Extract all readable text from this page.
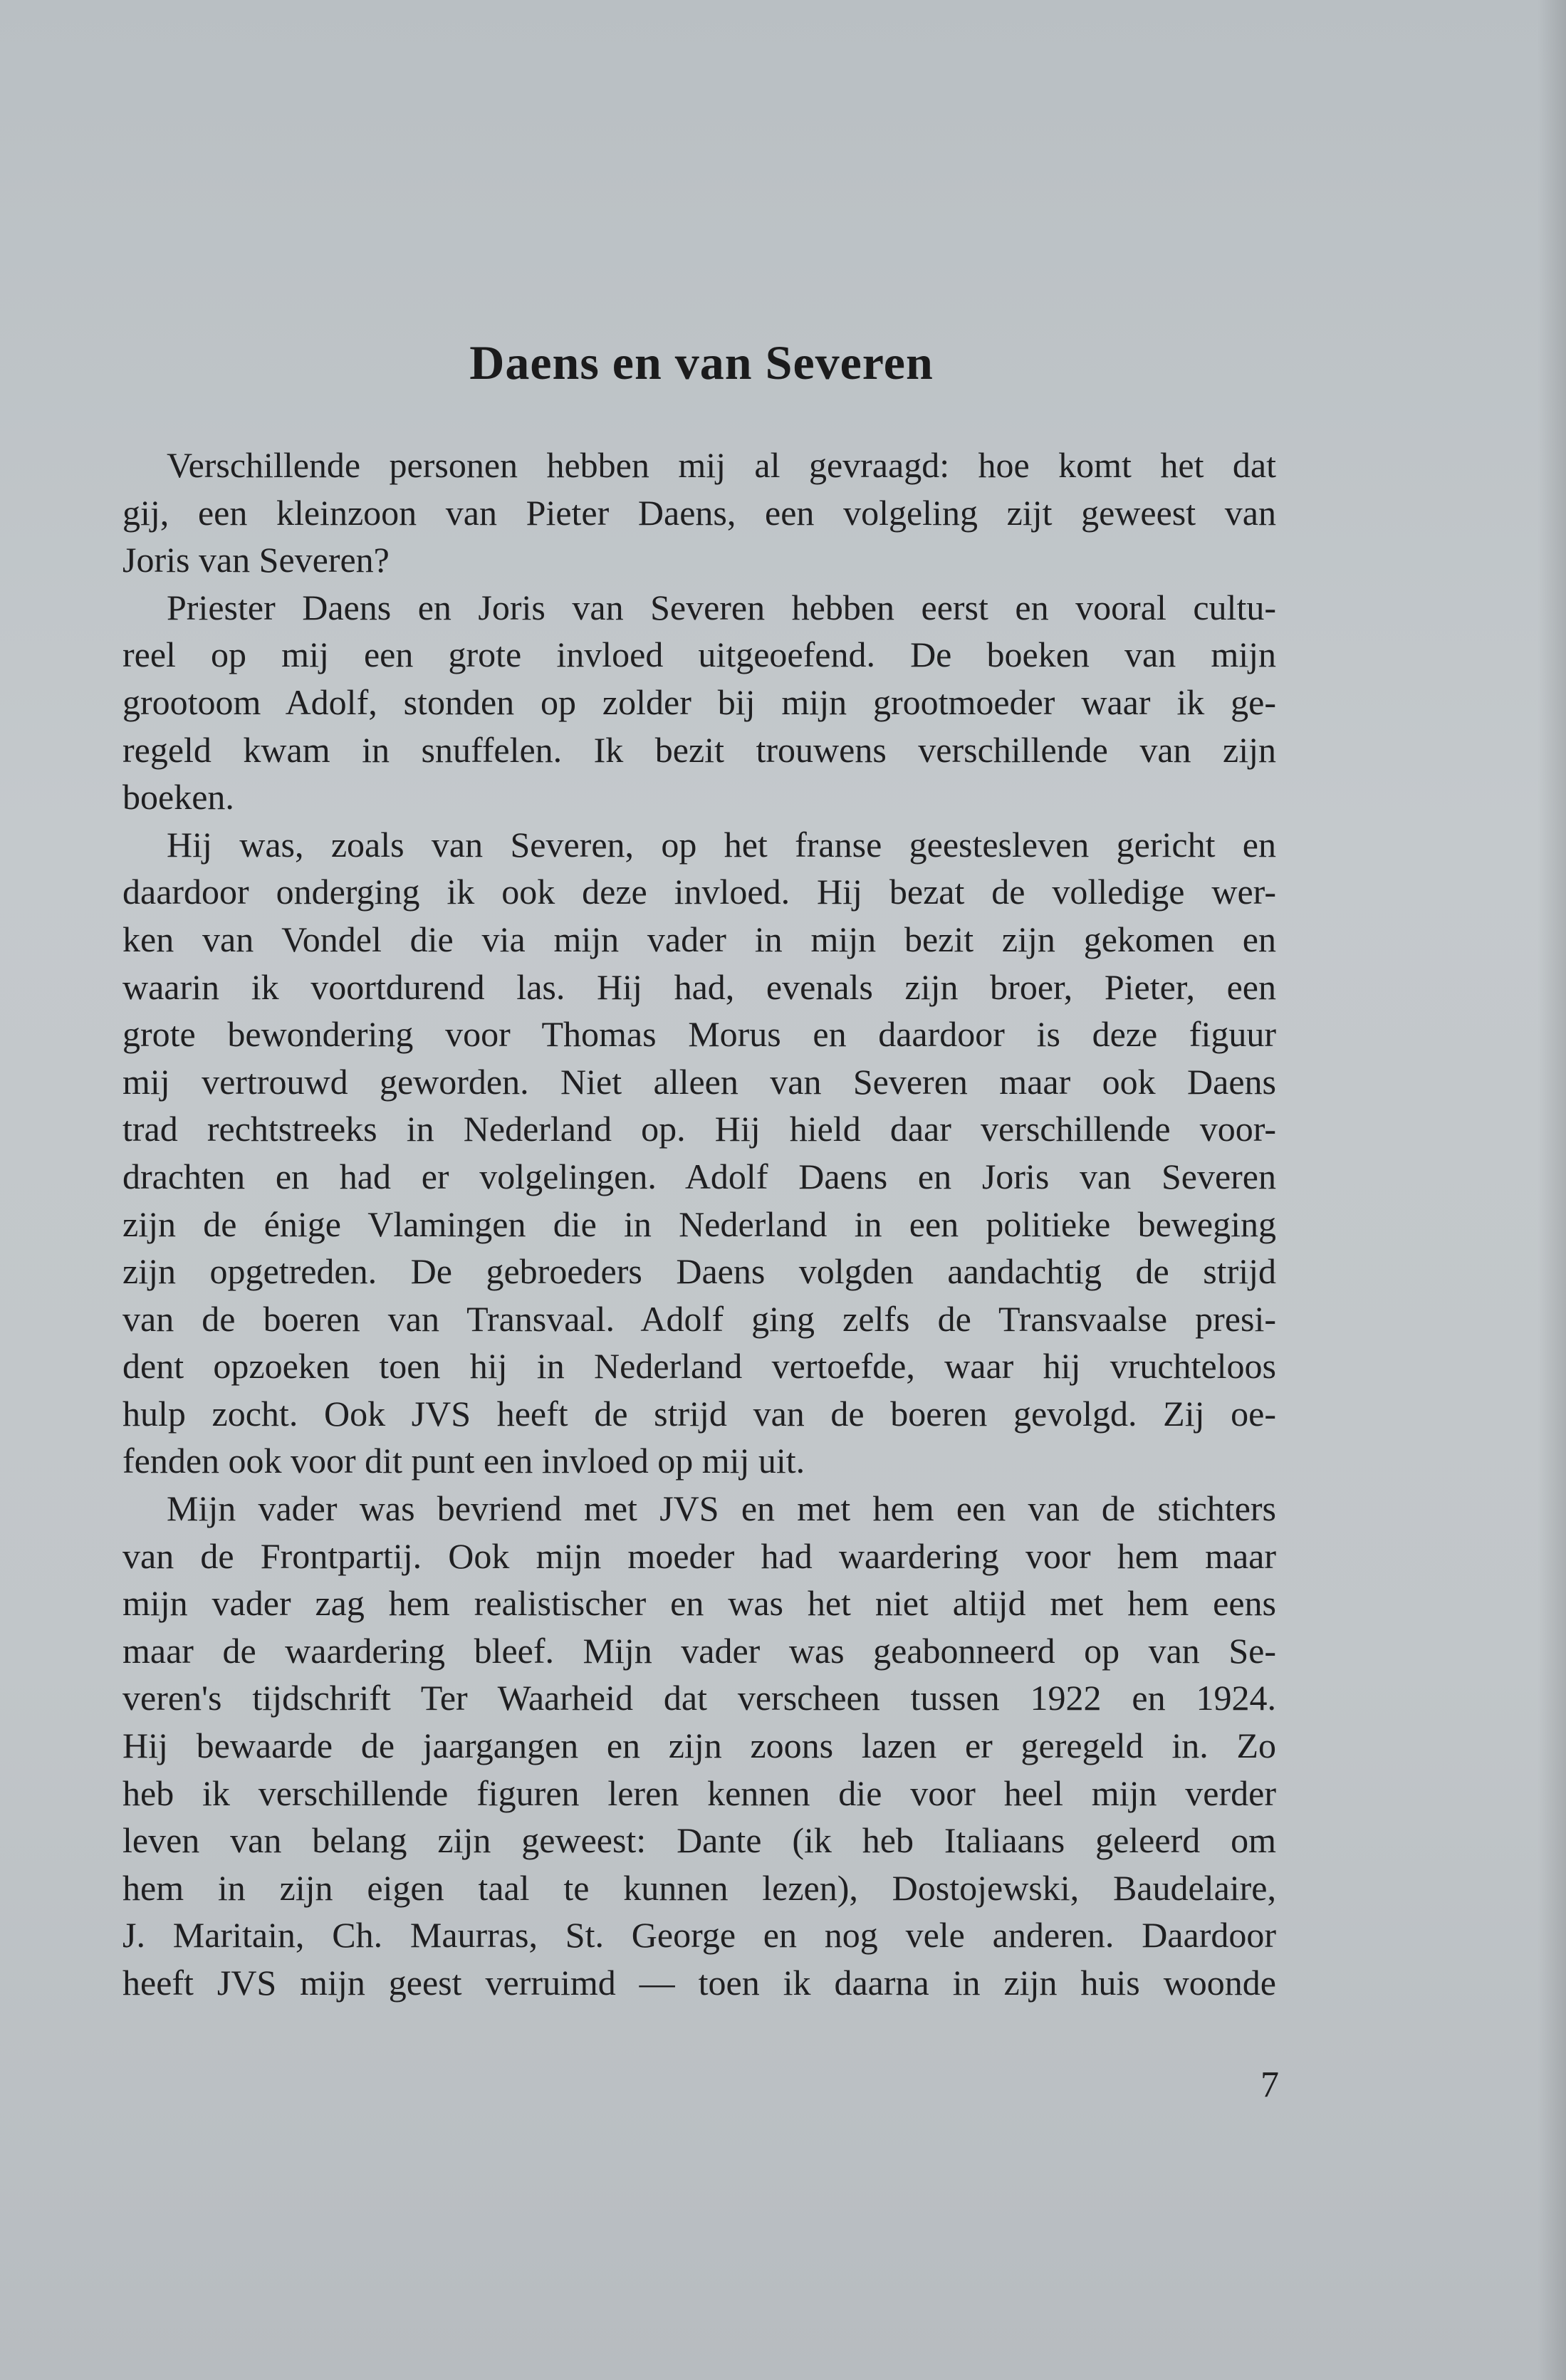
Daens en van Severen
Verschillende personen hebben mij al gevraagd: hoe komt het dat
gij, een kleinzoon van Pieter Daens, een volgeling zijt geweest van
Joris van Severen?
Priester Daens en Joris van Severen hebben eerst en vooral cultu-
reel op mij een grote invloed uitgeoefend. De boeken van mijn
grootoom Adolf, stonden op zolder bij mijn grootmoeder waar ik ge-
regeld kwam in snuffelen. Ik bezit trouwens verschillende van zijn
boeken.
Hij was, zoals van Severen, op het franse geestesleven gericht en
daardoor onderging ik ook deze invloed. Hij bezat de volledige wer-
ken van Vondel die via mijn vader in mijn bezit zijn gekomen en
waarin ik voortdurend las. Hij had, evenals zijn broer, Pieter, een
grote bewondering voor Thomas Morus en daardoor is deze figuur
mij vertrouwd geworden. Niet alleen van Severen maar ook Daens
trad rechtstreeks in Nederland op. Hij hield daar verschillende voor-
drachten en had er volgelingen. Adolf Daens en Joris van Severen
zijn de énige Vlamingen die in Nederland in een politieke beweging
zijn opgetreden. De gebroeders Daens volgden aandachtig de strijd
van de boeren van Transvaal. Adolf ging zelfs de Transvaalse presi-
dent opzoeken toen hij in Nederland vertoefde, waar hij vruchteloos
hulp zocht. Ook JVS heeft de strijd van de boeren gevolgd. Zij oe-
fenden ook voor dit punt een invloed op mij uit.
Mijn vader was bevriend met JVS en met hem een van de stichters
van de Frontpartij. Ook mijn moeder had waardering voor hem maar
mijn vader zag hem realistischer en was het niet altijd met hem eens
maar de waardering bleef. Mijn vader was geabonneerd op van Se-
veren's tijdschrift Ter Waarheid dat verscheen tussen 1922 en 1924.
Hij bewaarde de jaargangen en zijn zoons lazen er geregeld in. Zo
heb ik verschillende figuren leren kennen die voor heel mijn verder
leven van belang zijn geweest: Dante (ik heb Italiaans geleerd om
hem in zijn eigen taal te kunnen lezen), Dostojewski, Baudelaire,
J. Maritain, Ch. Maurras, St. George en nog vele anderen. Daardoor
heeft JVS mijn geest verruimd — toen ik daarna in zijn huis woonde
7
